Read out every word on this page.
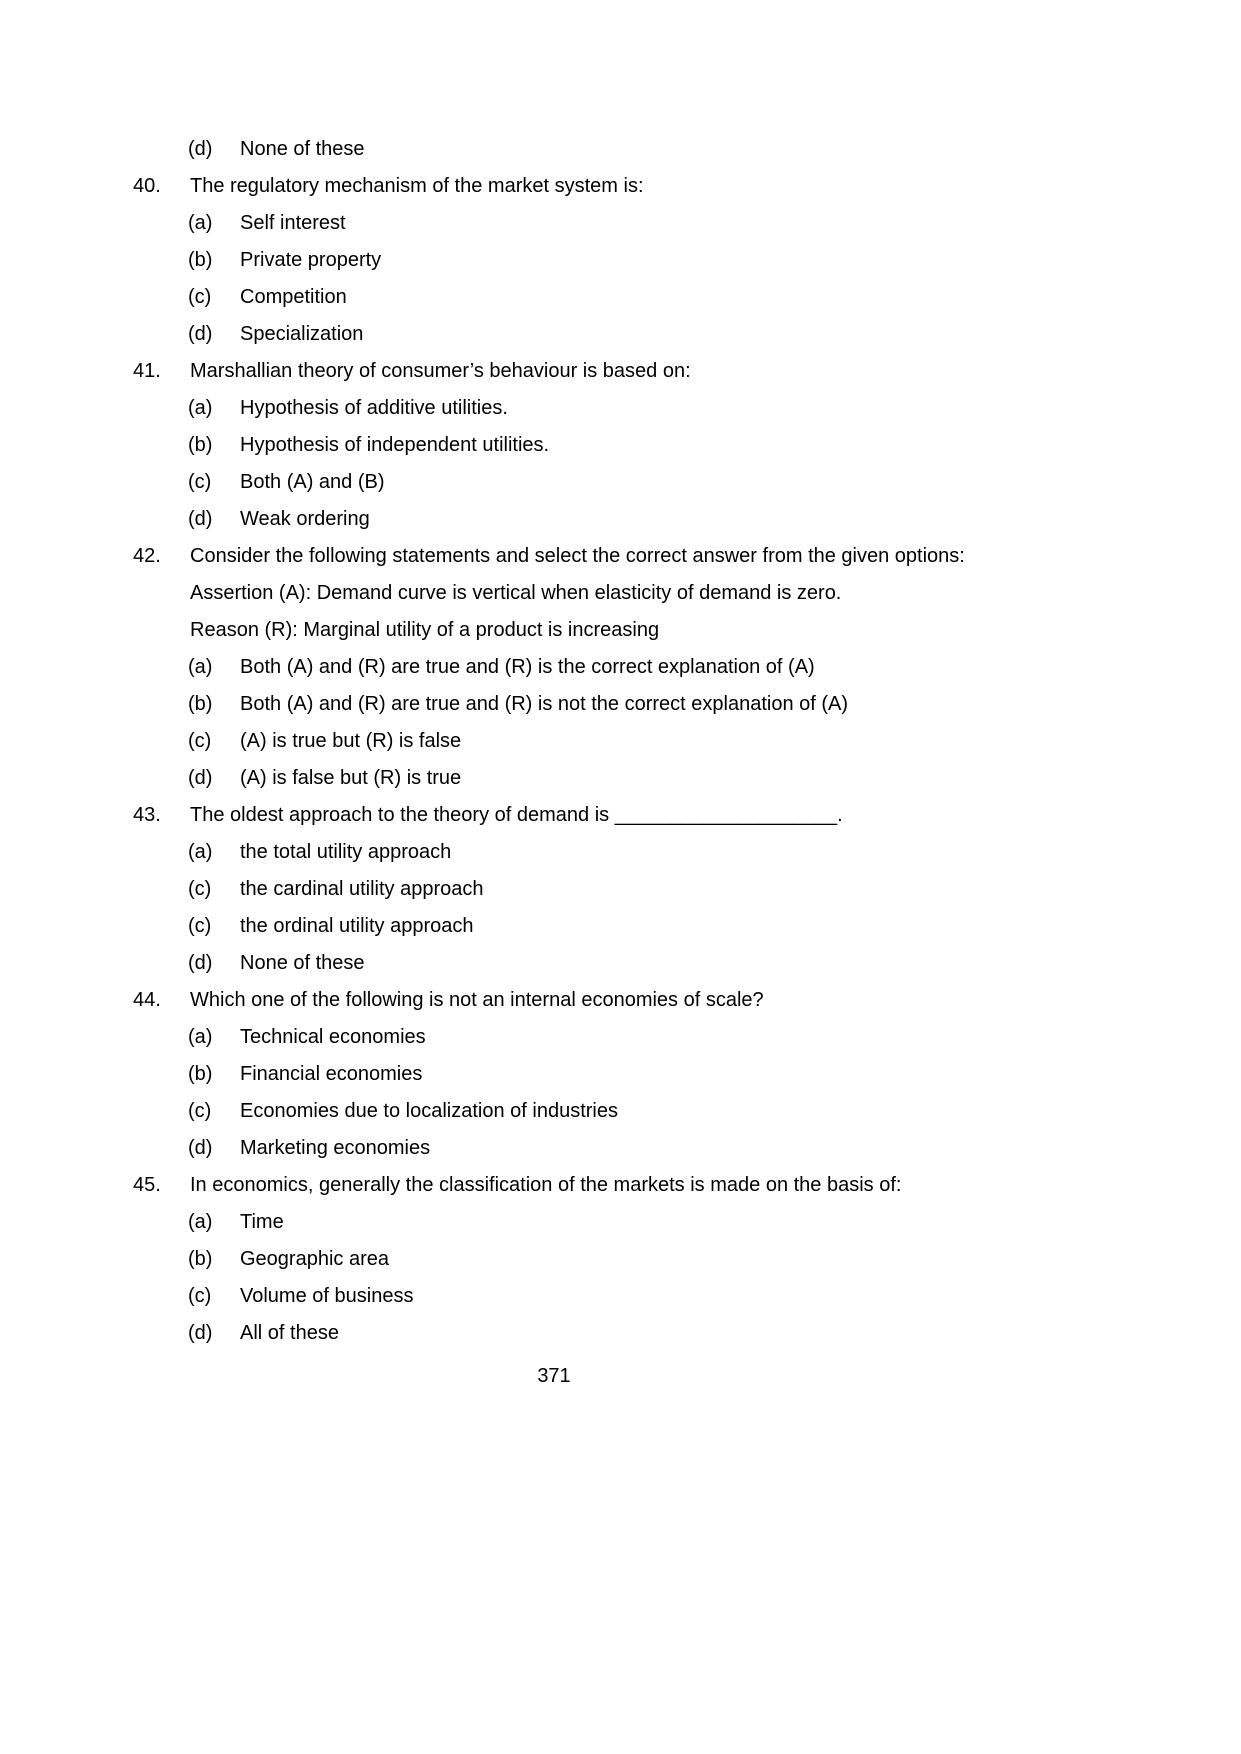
(d)	None of these

40.	The regulatory mechanism of the market system is:

(a)	Self interest

(b)	Private property

(c)	Competition

(d)	Specialization

41.	Marshallian theory of consumer’s behaviour is based on:

(a)	Hypothesis of additive utilities.

(b)	Hypothesis of independent utilities.

(c)	Both (A) and (B)

(d)	Weak ordering

42.	Consider the following statements and select the correct answer from the given options:

Assertion (A): Demand curve is vertical when elasticity of demand is zero.

Reason (R): Marginal utility of a product is increasing

(a)	Both (A) and (R) are true and (R) is the correct explanation of (A)

(b)	Both (A) and (R) are true and (R) is not the correct explanation of (A)

(c)	(A) is true but (R) is false

(d)	(A) is false but (R) is true

43.	The oldest approach to the theory of demand is ____________________.

(a)	the total utility approach

(c)	the cardinal utility approach

(c)	the ordinal utility approach

(d)	None of these

44.	Which one of the following is not an internal economies of scale?

(a)	Technical economies

(b)	Financial economies

(c)	Economies due to localization of industries

(d)	Marketing economies

45.	In economics, generally the classification of the markets is made on the basis of:

(a)	Time

(b)	Geographic area

(c)	Volume of business

(d)	All of these

371
